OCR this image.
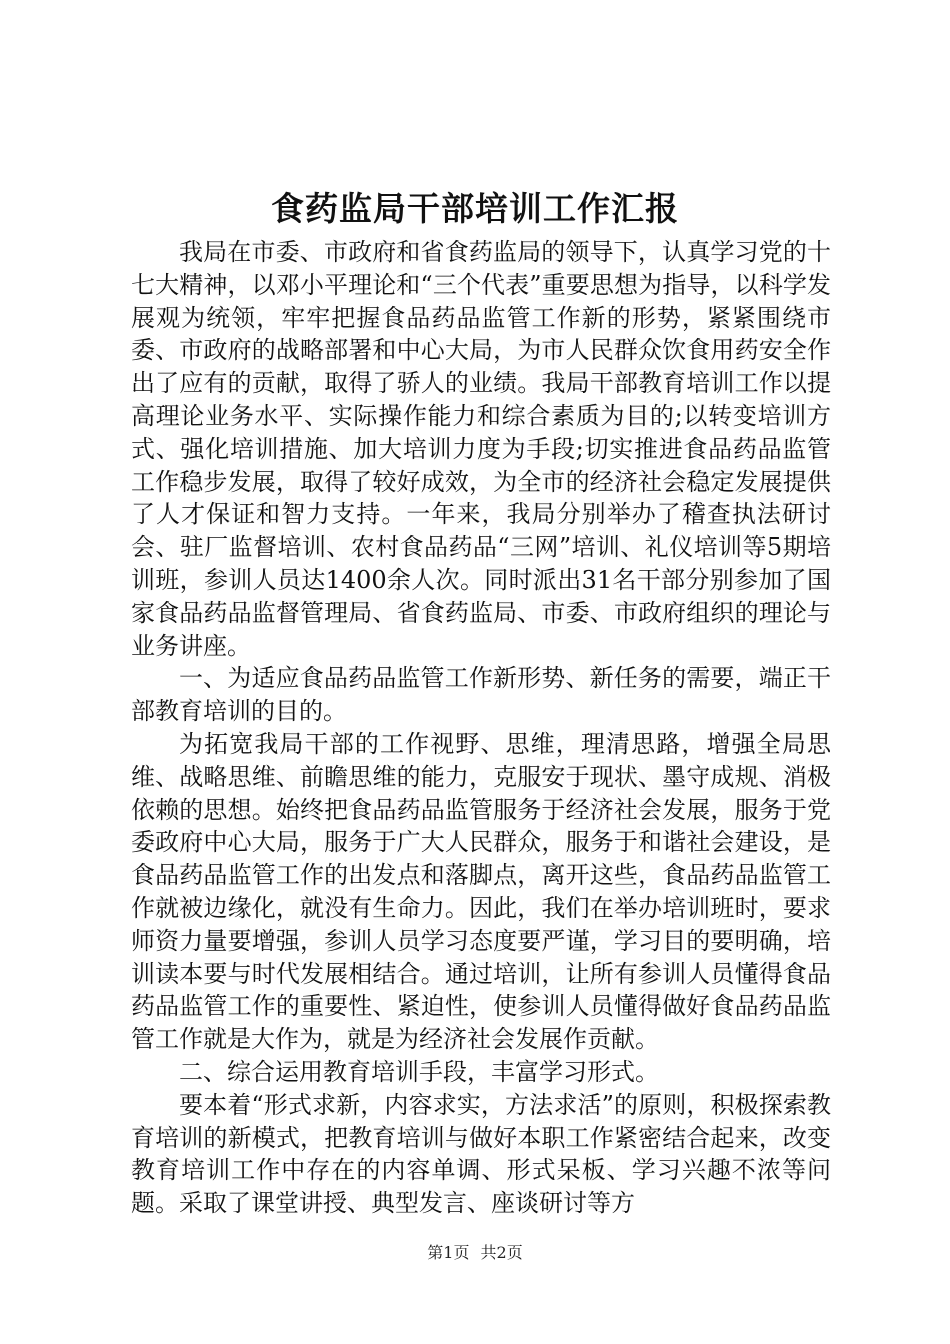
食药监局干部培训工作汇报

我局在市委、市政府和省食药监局的领导下，认真学习党的十七大精神，以邓小平理论和“三个代表”重要思想为指导，以科学发展观为统领，牢牢把握食品药品监管工作新的形势，紧紧围绕市委、市政府的战略部署和中心大局，为市人民群众饮食用药安全作出了应有的贡献，取得了骄人的业绩。我局干部教育培训工作以提高理论业务水平、实际操作能力和综合素质为目的;以转变培训方式、强化培训措施、加大培训力度为手段;切实推进食品药品监管工作稳步发展，取得了较好成效，为全市的经济社会稳定发展提供了人才保证和智力支持。一年来，我局分别举办了稽查执法研讨会、驻厂监督培训、农村食品药品“三网”培训、礼仪培训等5期培训班，参训人员达1400余人次。同时派出31名干部分别参加了国家食品药品监督管理局、省食药监局、市委、市政府组织的理论与业务讲座。

一、为适应食品药品监管工作新形势、新任务的需要，端正干部教育培训的目的。

为拓宽我局干部的工作视野、思维，理清思路，增强全局思维、战略思维、前瞻思维的能力，克服安于现状、墨守成规、消极依赖的思想。始终把食品药品监管服务于经济社会发展，服务于党委政府中心大局，服务于广大人民群众，服务于和谐社会建设，是食品药品监管工作的出发点和落脚点，离开这些，食品药品监管工作就被边缘化，就没有生命力。因此，我们在举办培训班时，要求师资力量要增强，参训人员学习态度要严谨，学习目的要明确，培训读本要与时代发展相结合。通过培训，让所有参训人员懂得食品药品监管工作的重要性、紧迫性，使参训人员懂得做好食品药品监管工作就是大作为，就是为经济社会发展作贡献。

二、综合运用教育培训手段，丰富学习形式。

要本着“形式求新，内容求实，方法求活”的原则，积极探索教育培训的新模式，把教育培训与做好本职工作紧密结合起来，改变教育培训工作中存在的内容单调、形式呆板、学习兴趣不浓等问题。采取了课堂讲授、典型发言、座谈研讨等方

第1页 共2页
